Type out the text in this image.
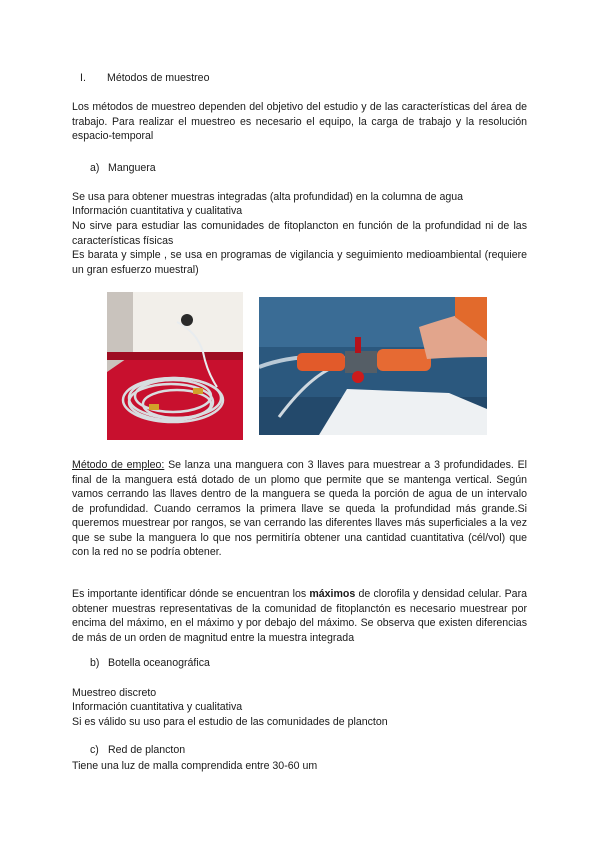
I. Métodos de muestreo
Los métodos de muestreo dependen del objetivo del estudio y de las características del área de trabajo. Para realizar el muestreo es necesario el equipo, la carga de trabajo y la resolución espacio-temporal
a) Manguera
Se usa para obtener muestras integradas (alta profundidad) en la columna de agua
Información cuantitativa y cualitativa
No sirve para estudiar las comunidades de fitoplancton en función de la profundidad ni de las características físicas
Es barata y simple , se usa en programas de vigilancia y seguimiento medioambiental (requiere un gran esfuerzo muestral)
Método de empleo: Se lanza una manguera con 3 llaves para muestrear a 3 profundidades. El final de la manguera está dotado de un plomo que permite que se mantenga vertical. Según vamos cerrando las llaves dentro de la manguera se queda la porción de agua de un intervalo de profundidad. Cuando cerramos la primera llave se queda la profundidad más grande.Si queremos muestrear por rangos, se van cerrando las diferentes llaves más superficiales a la vez que se sube la manguera lo que nos permitiría obtener una cantidad cuantitativa (cél/vol) que con la red no se podría obtener.
Es importante identificar dónde se encuentran los máximos de clorofila y densidad celular. Para obtener muestras representativas de la comunidad de fitoplanctón es necesario muestrear por encima del máximo, en el máximo y por debajo del máximo. Se observa que existen diferencias de más de un orden de magnitud entre la muestra integrada
b) Botella oceanográfica
Muestreo discreto
Información cuantitativa y cualitativa
Si es válido su uso para el estudio de las comunidades de plancton
c) Red de plancton
Tiene una luz de malla comprendida entre 30-60 um
